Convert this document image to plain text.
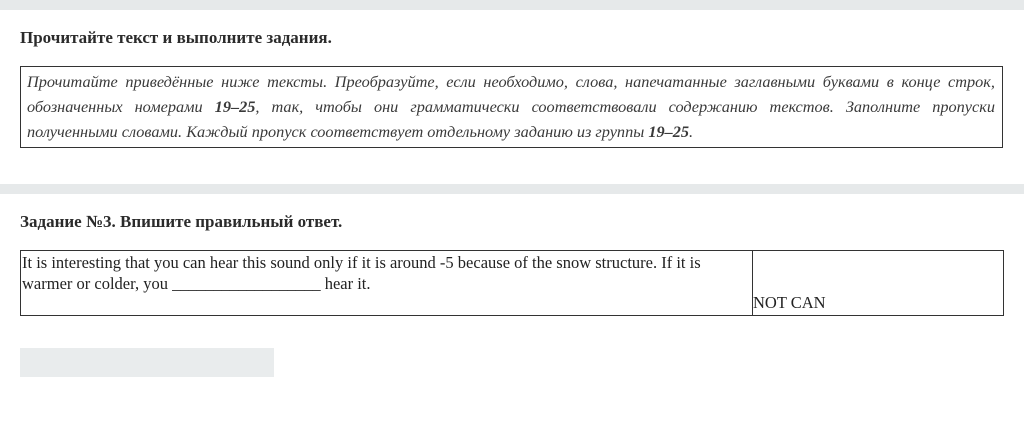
Прочитайте текст и выполните задания.
Прочитайте приведённые ниже тексты. Преобразуйте, если необходимо, слова, напечатанные заглавными буквами в конце строк, обозначенных номерами 19–25, так, чтобы они грамматически соответствовали содержанию текстов. Заполните пропуски полученными словами. Каждый пропуск соответствует отдельному заданию из группы 19–25.
Задание №3. Впишите правильный ответ.
It is interesting that you can hear this sound only if it is around -5 because of the snow structure. If it is warmer or colder, you __________________ hear it.
NOT CAN
